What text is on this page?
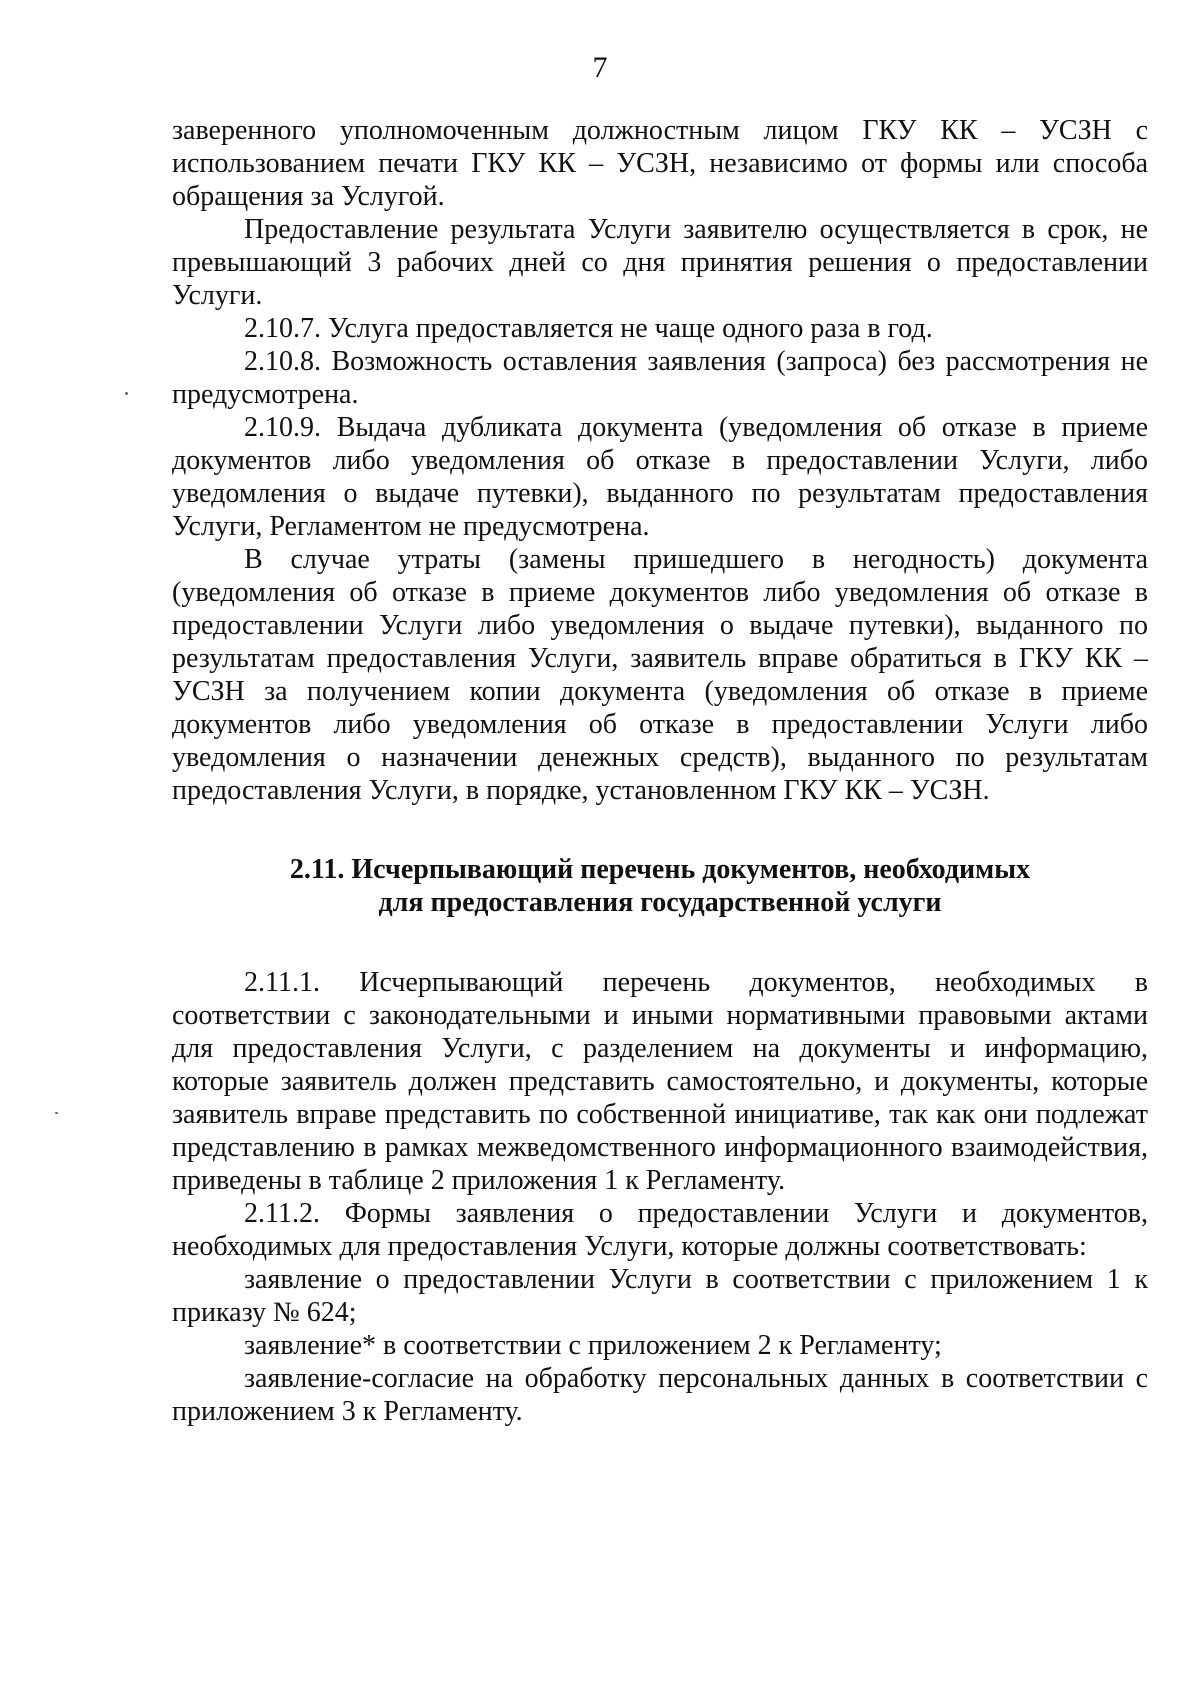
7

заверенного уполномоченным должностным лицом ГКУ КК – УСЗН с использованием печати ГКУ КК – УСЗН, независимо от формы или способа обращения за Услугой.

Предоставление результата Услуги заявителю осуществляется в срок, не превышающий 3 рабочих дней со дня принятия решения о предоставлении Услуги.

2.10.7. Услуга предоставляется не чаще одного раза в год.

2.10.8. Возможность оставления заявления (запроса) без рассмотрения не предусмотрена.

2.10.9. Выдача дубликата документа (уведомления об отказе в приеме документов либо уведомления об отказе в предоставлении Услуги, либо уведомления о выдаче путевки), выданного по результатам предоставления Услуги, Регламентом не предусмотрена.

В случае утраты (замены пришедшего в негодность) документа (уведомления об отказе в приеме документов либо уведомления об отказе в предоставлении Услуги либо уведомления о выдаче путевки), выданного по результатам предоставления Услуги, заявитель вправе обратиться в ГКУ КК – УСЗН за получением копии документа (уведомления об отказе в приеме документов либо уведомления об отказе в предоставлении Услуги либо уведомления о назначении денежных средств), выданного по результатам предоставления Услуги, в порядке, установленном ГКУ КК – УСЗН.

2.11. Исчерпывающий перечень документов, необходимых
для предоставления государственной услуги

2.11.1. Исчерпывающий перечень документов, необходимых в соответствии с законодательными и иными нормативными правовыми актами для предоставления Услуги, с разделением на документы и информацию, которые заявитель должен представить самостоятельно, и документы, которые заявитель вправе представить по собственной инициативе, так как они подлежат представлению в рамках межведомственного информационного взаимодействия, приведены в таблице 2 приложения 1 к Регламенту.

2.11.2. Формы заявления о предоставлении Услуги и документов, необходимых для предоставления Услуги, которые должны соответствовать:

заявление о предоставлении Услуги в соответствии с приложением 1 к приказу № 624;

заявление* в соответствии с приложением 2 к Регламенту;

заявление-согласие на обработку персональных данных в соответствии с приложением 3 к Регламенту.
